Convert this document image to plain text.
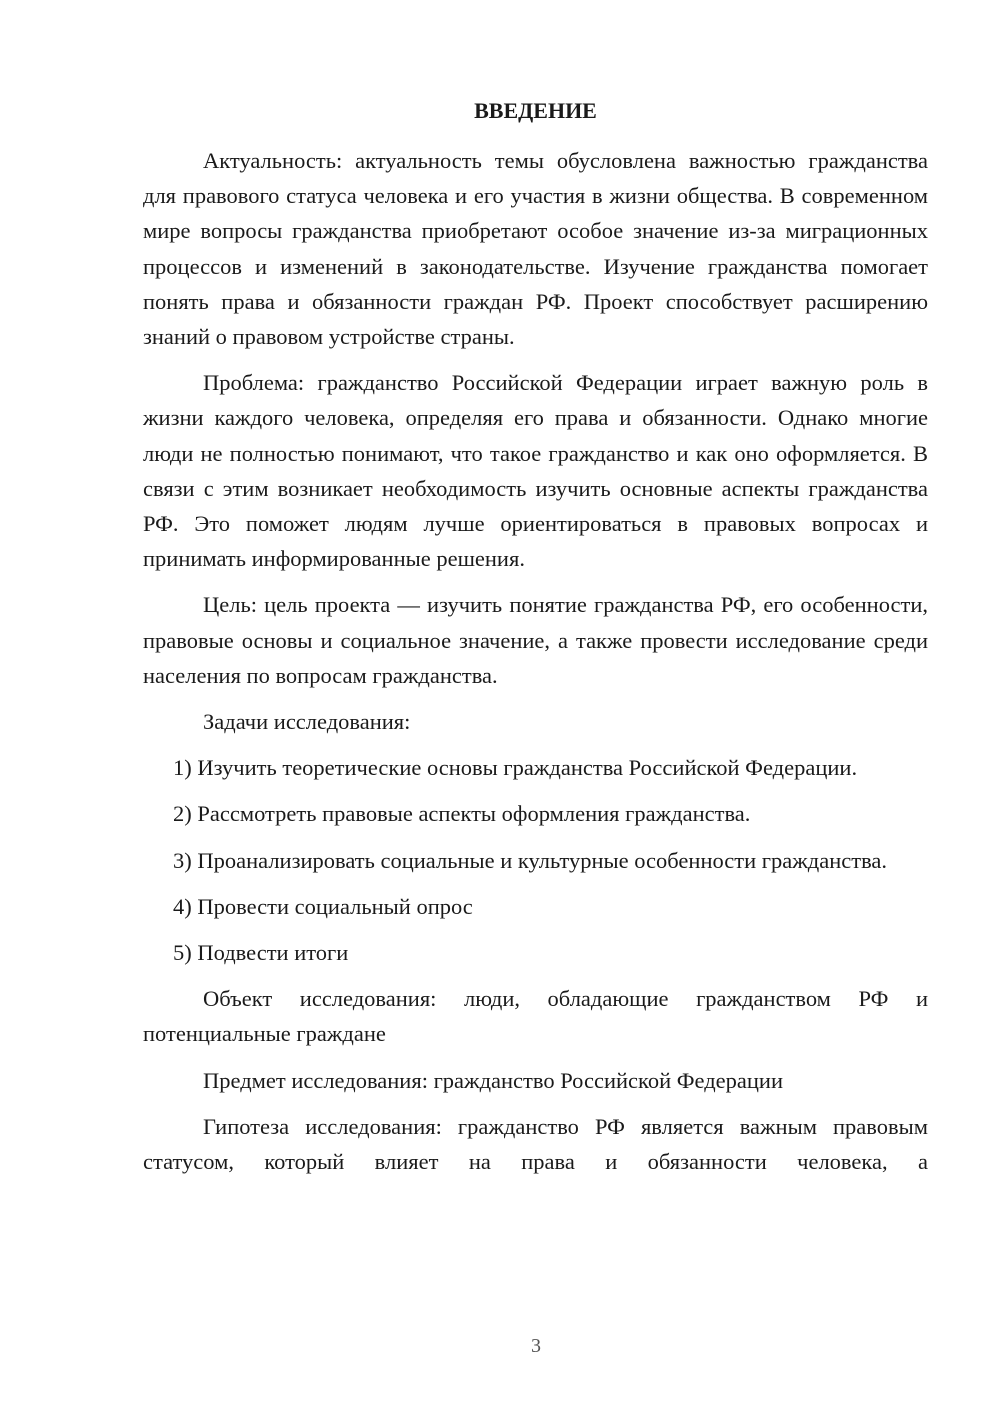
ВВЕДЕНИЕ

Актуальность: актуальность темы обусловлена важностью гражданства для правового статуса человека и его участия в жизни общества. В современном мире вопросы гражданства приобретают особое значение из-за миграционных процессов и изменений в законодательстве. Изучение гражданства помогает понять права и обязанности граждан РФ. Проект способствует расширению знаний о правовом устройстве страны.

Проблема: гражданство Российской Федерации играет важную роль в жизни каждого человека, определяя его права и обязанности. Однако многие люди не полностью понимают, что такое гражданство и как оно оформляется. В связи с этим возникает необходимость изучить основные аспекты гражданства РФ. Это поможет людям лучше ориентироваться в правовых вопросах и принимать информированные решения.

Цель: цель проекта — изучить понятие гражданства РФ, его особенности, правовые основы и социальное значение, а также провести исследование среди населения по вопросам гражданства.

Задачи исследования:

1) Изучить теоретические основы гражданства Российской Федерации.

2) Рассмотреть правовые аспекты оформления гражданства.

3) Проанализировать социальные и культурные особенности гражданства.

4) Провести социальный опрос

5) Подвести итоги

Объект исследования: люди, обладающие гражданством РФ и потенциальные граждане

Предмет исследования: гражданство Российской Федерации

Гипотеза исследования: гражданство РФ является важным правовым статусом, который влияет на права и обязанности человека, а

3
